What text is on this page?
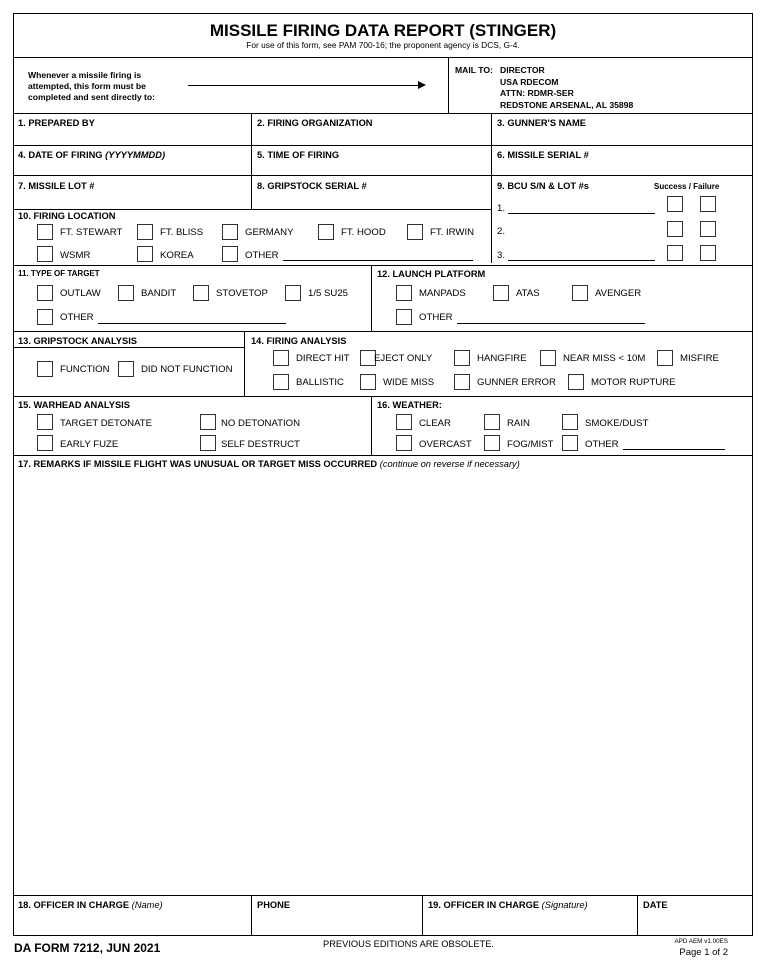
MISSILE FIRING DATA REPORT (STINGER)
For use of this form, see PAM 700-16; the proponent agency is DCS, G-4.
Whenever a missile firing is
attempted, this form must be
completed and sent directly to:
MAIL TO: DIRECTOR
USA RDECOM
ATTN: RDMR-SER
REDSTONE ARSENAL, AL 35898
1. PREPARED BY	2. FIRING ORGANIZATION	3. GUNNER'S NAME
4. DATE OF FIRING (YYYYMMDD)	5. TIME OF FIRING	6. MISSILE SERIAL #
7. MISSILE LOT #	8. GRIPSTOCK SERIAL #	9. BCU S/N & LOT #s	Success / Failure
1.
2.
3.
10. FIRING LOCATION
FT. STEWART	FT. BLISS	GERMANY	FT. HOOD	FT. IRWIN
WSMR	KOREA	OTHER
11. TYPE OF TARGET	12. LAUNCH PLATFORM
OUTLAW	BANDIT	STOVETOP	1/5 SU25
OTHER
MANPADS	ATAS	AVENGER
OTHER
13. GRIPSTOCK ANALYSIS	14. FIRING ANALYSIS
FUNCTION	DID NOT FUNCTION
DIRECT HIT	EJECT ONLY	HANGFIRE	NEAR MISS < 10M	MISFIRE
BALLISTIC	WIDE MISS	GUNNER ERROR	MOTOR RUPTURE
15. WARHEAD ANALYSIS	16. WEATHER:
TARGET DETONATE	NO DETONATION
EARLY FUZE	SELF DESTRUCT
CLEAR	RAIN	SMOKE/DUST
OVERCAST	FOG/MIST	OTHER
17. REMARKS IF MISSILE FLIGHT WAS UNUSUAL OR TARGET MISS OCCURRED (continue on reverse if necessary)
18. OFFICER IN CHARGE (Name)	PHONE	19. OFFICER IN CHARGE (Signature)	DATE
DA FORM 7212, JUN 2021	PREVIOUS EDITIONS ARE OBSOLETE.	APD AEM v1.00ES
Page 1 of 2
